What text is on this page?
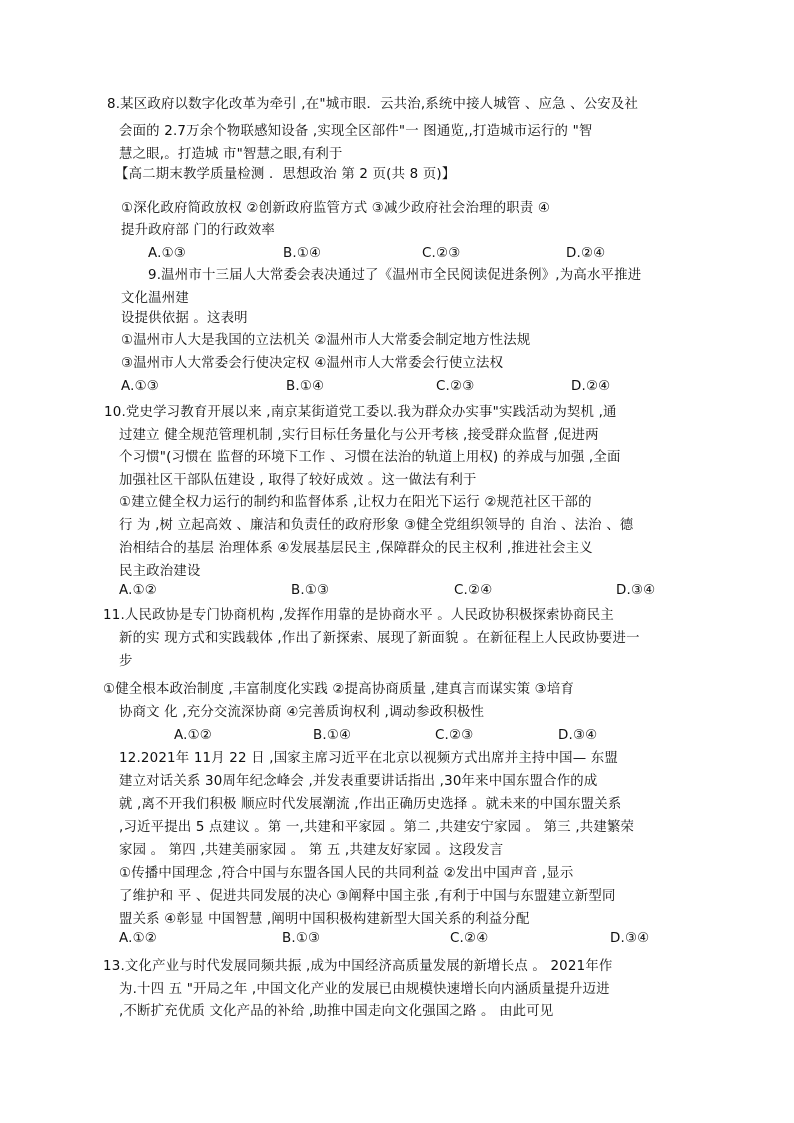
8.某区政府以数字化改革为牵引 ,在"城市眼．云共治,系统中接人城管 、应急 、公安及社
会面的 2.7万余个物联感知设备 ,实现全区部件"一 图通览,,打造城市运行的 "智
慧之眼,。打造城 市"智慧之眼,有利于
【高二期末教学质量检测 ．思想政治 第 2 页(共 8 页)】
①深化政府简政放权 ②创新政府监管方式 ③减少政府社会治理的职责 ④
提升政府部 门的行政效率
A.①③	B.①④	C.②③	D.②④
9.温州市十三届人大常委会表决通过了《温州市全民阅读促进条例》,为高水平推进
文化温州建
设提供依据 。这表明
①温州市人大是我国的立法机关 ②温州市人大常委会制定地方性法规
③温州市人大常委会行使决定权 ④温州市人大常委会行使立法权
A.①③	B.①④	C.②③	D.②④
10.党史学习教育开展以来 ,南京某街道党工委以.我为群众办实事"实践活动为契机 ,通
过建立 健全规范管理机制 ,实行目标任务量化与公开考核 ,接受群众监督 ,促进两
个习惯"(习惯在 监督的环境下工作 、习惯在法治的轨道上用权) 的养成与加强 ,全面
加强社区干部队伍建设 , 取得了较好成效 。这一做法有利于
①建立健全权力运行的制约和监督体系 ,让权力在阳光下运行 ②规范社区干部的
行 为 ,树 立起高效 、廉洁和负责任的政府形象 ③健全党组织领导的 自治 、法治 、德
治相结合的基层 治理体系 ④发展基层民主 ,保障群众的民主权利 ,推进社会主义
民主政治建设
A.①②	B.①③	C.②④	D.③④
11.人民政协是专门协商机构 ,发挥作用靠的是协商水平 。人民政协积极探索协商民主
新的实 现方式和实践载体 ,作出了新探索、展现了新面貌 。在新征程上人民政协要进一
步
①健全根本政治制度 ,丰富制度化实践 ②提高协商质量 ,建真言而谋实策 ③培育
协商文 化 ,充分交流深协商 ④完善质询权利 ,调动参政积极性
A.①②	B.①④	C.②③	D.③④
12.2021年 11月 22 日 ,国家主席习近平在北京以视频方式出席并主持中国— 东盟
建立对话关系 30周年纪念峰会 ,并发表重要讲话指出 ,30年来中国东盟合作的成
就 ,离不开我们积极 顺应时代发展潮流 ,作出正确历史选择 。就未来的中国东盟关系
,习近平提出 5 点建议 。第 一,共建和平家园 。第二 ,共建安宁家园 。 第三 ,共建繁荣
家园 。 第四 ,共建美丽家园 。 第 五 ,共建友好家园 。这段发言
①传播中国理念 ,符合中国与东盟各国人民的共同利益 ②发出中国声音 ,显示
了维护和 平 、促进共同发展的决心 ③阐释中国主张 ,有利于中国与东盟建立新型同
盟关系 ④彰显 中国智慧 ,阐明中国积极构建新型大国关系的利益分配
A.①②	B.①③	C.②④	D.③④
13.文化产业与时代发展同频共振 ,成为中国经济高质量发展的新增长点 。 2021年作
为.十四 五 "开局之年 ,中国文化产业的发展已由规模快速增长向内涵质量提升迈进
,不断扩充优质 文化产品的补给 ,助推中国走向文化强国之路 。 由此可见
